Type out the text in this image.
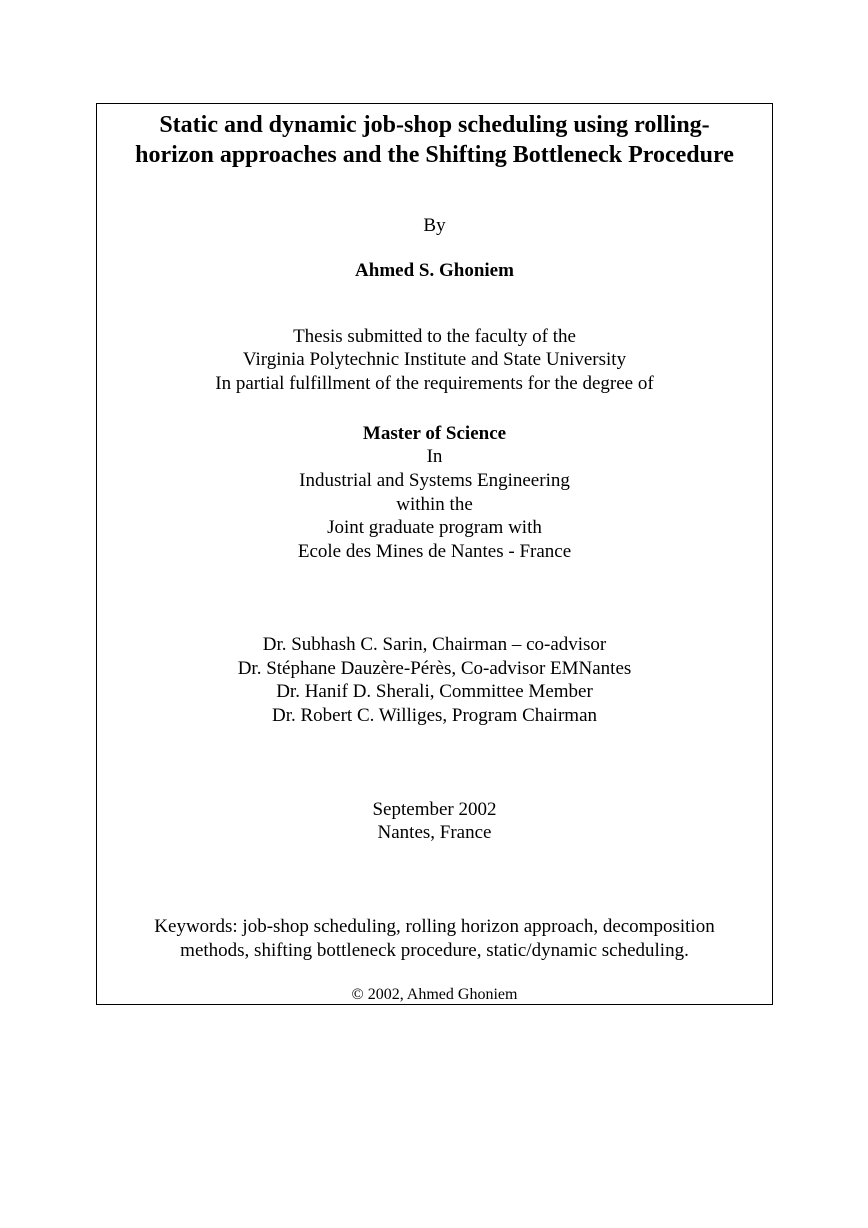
Static and dynamic job-shop scheduling using rolling-
horizon approaches and the Shifting Bottleneck Procedure
By
Ahmed S. Ghoniem
Thesis submitted to the faculty of the
Virginia Polytechnic Institute and State University
In partial fulfillment of the requirements for the degree of
Master of Science
In
Industrial and Systems Engineering
within the
Joint graduate program with
Ecole des Mines de Nantes - France
Dr. Subhash C. Sarin, Chairman – co-advisor
Dr. Stéphane Dauzère-Pérès, Co-advisor EMNantes
Dr. Hanif D. Sherali, Committee Member
Dr. Robert C. Williges, Program Chairman
September 2002
Nantes, France
Keywords: job-shop scheduling, rolling horizon approach, decomposition
methods, shifting bottleneck procedure, static/dynamic scheduling.
© 2002, Ahmed Ghoniem
